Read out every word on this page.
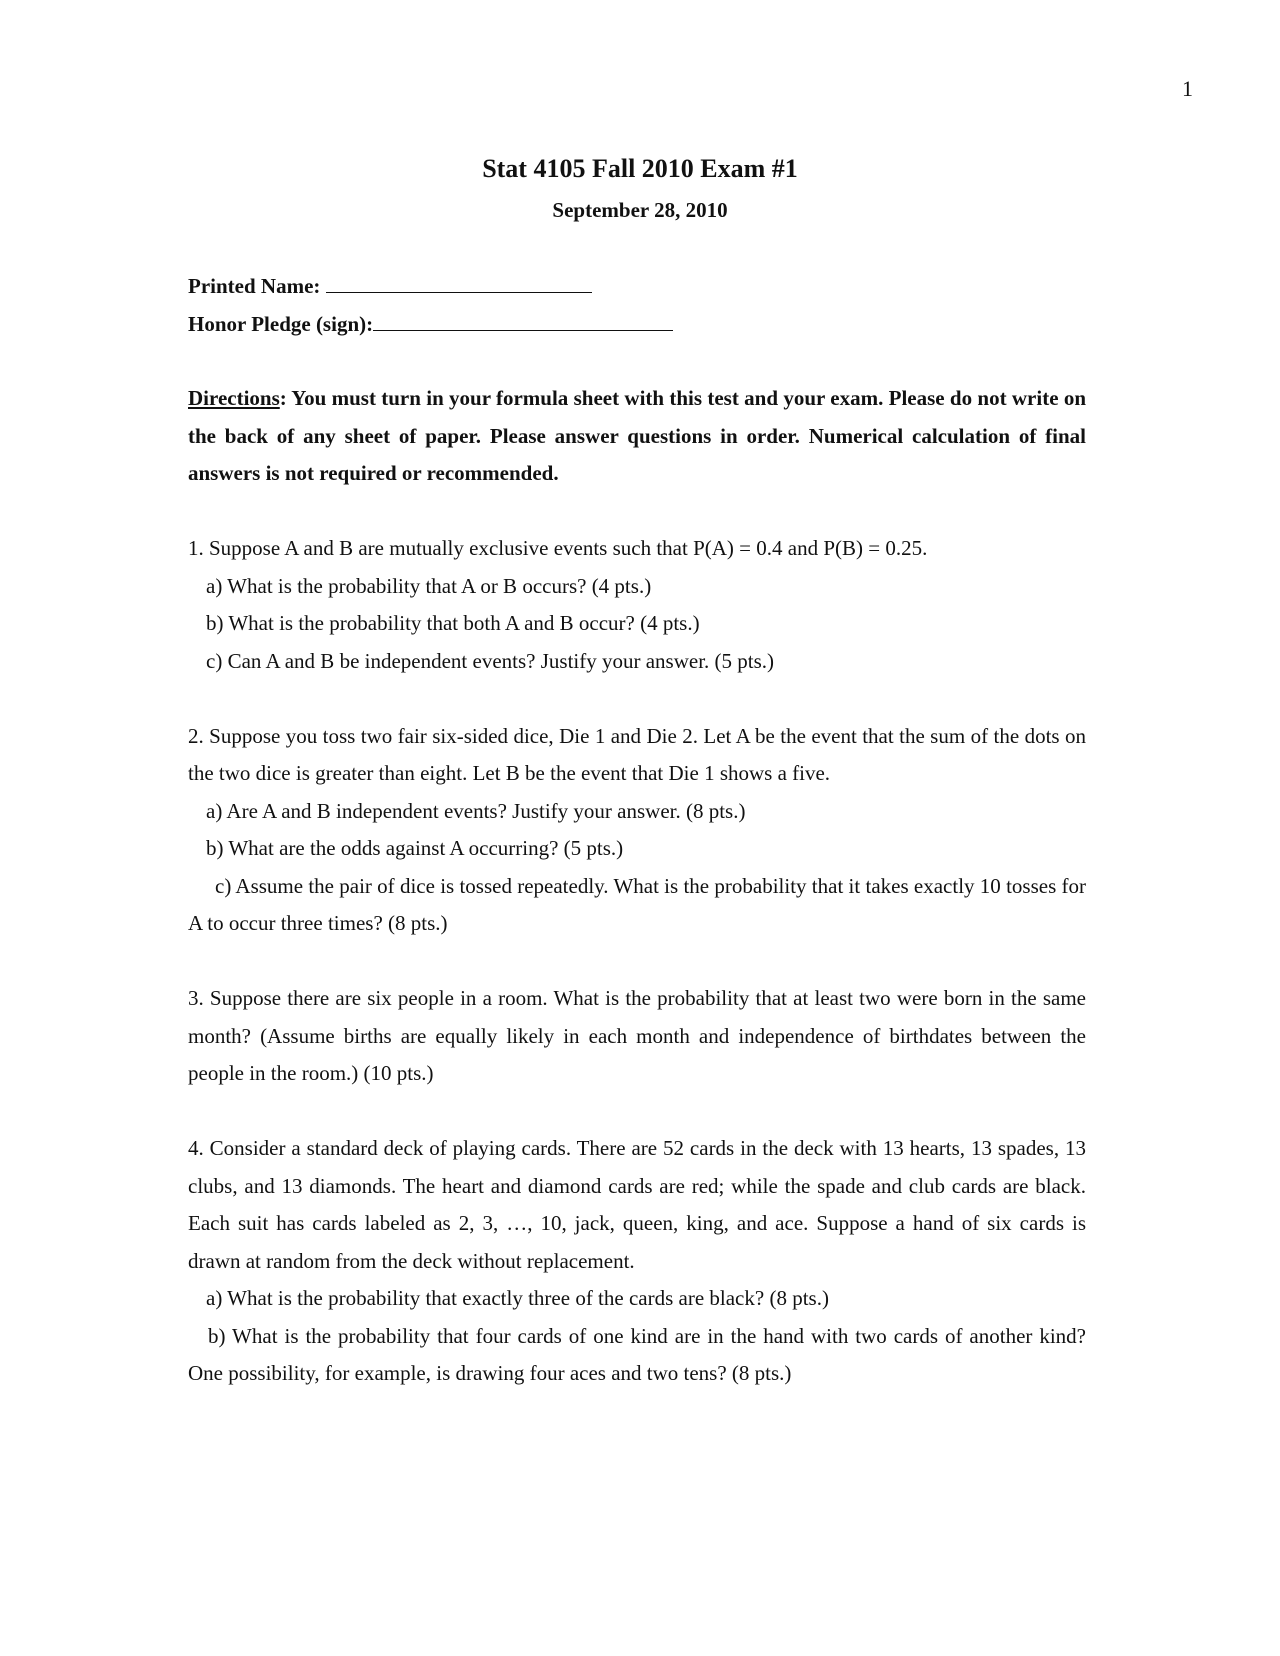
1
Stat 4105 Fall 2010 Exam #1
September 28, 2010
Printed Name:
Honor Pledge (sign):
Directions: You must turn in your formula sheet with this test and your exam. Please do not write on the back of any sheet of paper. Please answer questions in order. Numerical calculation of final answers is not required or recommended.
1. Suppose A and B are mutually exclusive events such that P(A) = 0.4 and P(B) = 0.25.
a) What is the probability that A or B occurs? (4 pts.)
b) What is the probability that both A and B occur? (4 pts.)
c) Can A and B be independent events? Justify your answer. (5 pts.)
2. Suppose you toss two fair six-sided dice, Die 1 and Die 2. Let A be the event that the sum of the dots on the two dice is greater than eight. Let B be the event that Die 1 shows a five.
a) Are A and B independent events? Justify your answer. (8 pts.)
b) What are the odds against A occurring? (5 pts.)
c) Assume the pair of dice is tossed repeatedly. What is the probability that it takes exactly 10 tosses for A to occur three times? (8 pts.)
3. Suppose there are six people in a room. What is the probability that at least two were born in the same month? (Assume births are equally likely in each month and independence of birthdates between the people in the room.) (10 pts.)
4. Consider a standard deck of playing cards. There are 52 cards in the deck with 13 hearts, 13 spades, 13 clubs, and 13 diamonds. The heart and diamond cards are red; while the spade and club cards are black. Each suit has cards labeled as 2, 3, …, 10, jack, queen, king, and ace. Suppose a hand of six cards is drawn at random from the deck without replacement.
a) What is the probability that exactly three of the cards are black? (8 pts.)
b) What is the probability that four cards of one kind are in the hand with two cards of another kind? One possibility, for example, is drawing four aces and two tens? (8 pts.)
